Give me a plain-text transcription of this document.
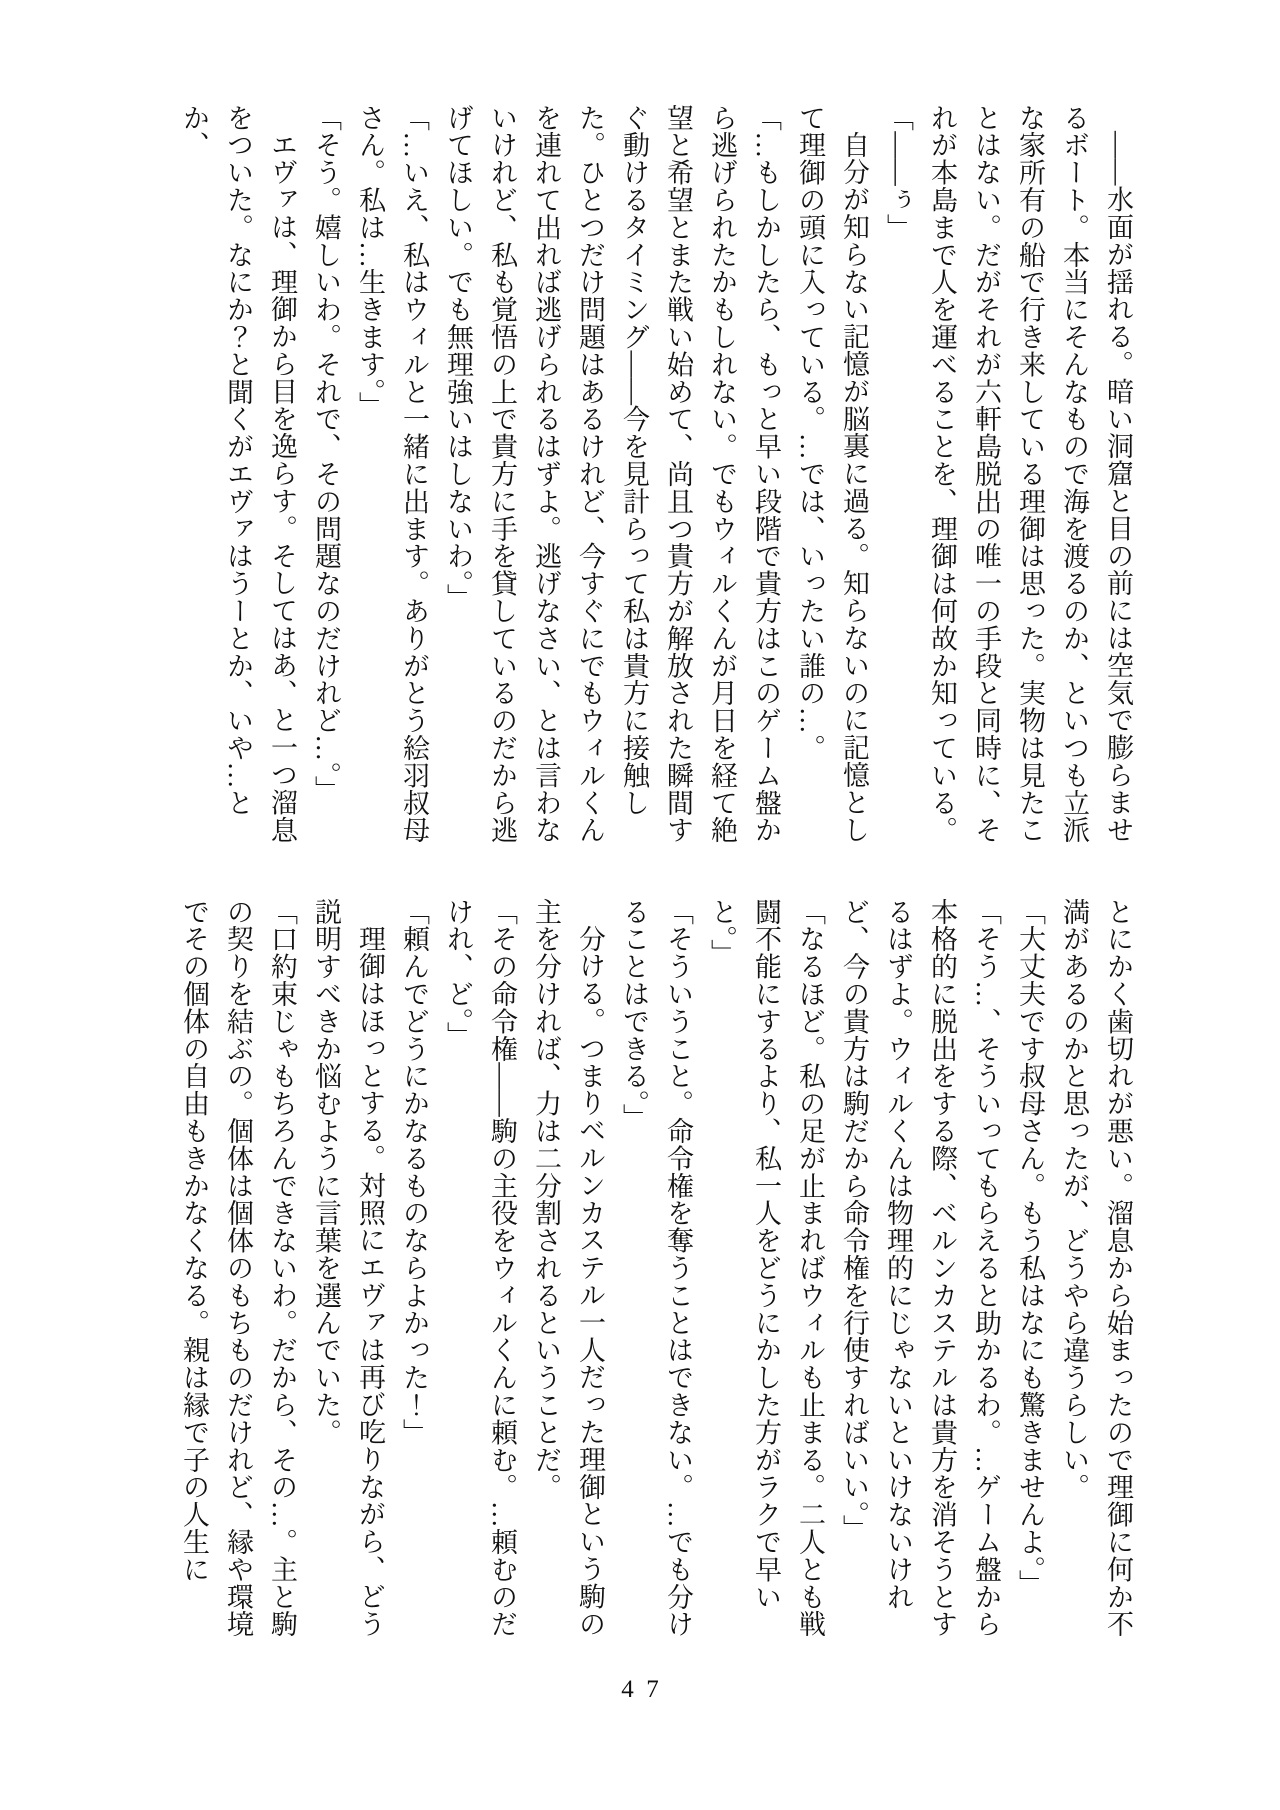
――水面が揺れる。暗い洞窟と目の前には空気で膨らませるボート。本当にそんなもので海を渡るのか、といつも立派な家所有の船で行き来している理御は思った。実物は見たことはない。だがそれが六軒島脱出の唯一の手段と同時に、それが本島まで人を運べることを、理御は何故か知っている。

「――ぅ」

自分が知らない記憶が脳裏に過る。知らないのに記憶として理御の頭に入っている。…では、いったい誰の…。

「…もしかしたら、もっと早い段階で貴方はこのゲーム盤から逃げられたかもしれない。でもウィルくんが月日を経て絶望と希望とまた戦い始めて、尚且つ貴方が解放された瞬間すぐ動けるタイミング――今を見計らって私は貴方に接触した。ひとつだけ問題はあるけれど、今すぐにでもウィルくんを連れて出れば逃げられるはずよ。逃げなさい、とは言わないけれど、私も覚悟の上で貴方に手を貸しているのだから逃げてほしい。でも無理強いはしないわ。」

「…いえ、私はウィルと一緒に出ます。ありがとう絵羽叔母さん。私は…生きます。」

「そう。嬉しいわ。それで、その問題なのだけれど…。」

エヴァは、理御から目を逸らす。そしてはあ、と一つ溜息をついた。なにか？と聞くがエヴァはうーとか、いや…とか、

とにかく歯切れが悪い。溜息から始まったので理御に何か不満があるのかと思ったが、どうやら違うらしい。

「大丈夫です叔母さん。もう私はなにも驚きませんよ。」

「そう…、そういってもらえると助かるわ。…ゲーム盤から本格的に脱出をする際、ベルンカステルは貴方を消そうとするはずよ。ウィルくんは物理的にじゃないといけないけれど、今の貴方は駒だから命令権を行使すればいい。」

「なるほど。私の足が止まればウィルも止まる。二人とも戦闘不能にするより、私一人をどうにかした方がラクで早いと。」

「そういうこと。命令権を奪うことはできない。…でも分けることはできる。」

分ける。つまりベルンカステル一人だった理御という駒の主を分ければ、力は二分割されるということだ。

「その命令権――駒の主役をウィルくんに頼む。…頼むのだけれ、ど。」

「頼んでどうにかなるものならよかった！」

理御はほっとする。対照にエヴァは再び吃りながら、どう説明すべきか悩むように言葉を選んでいた。

「口約束じゃもちろんできないわ。だから、その…。主と駒の契りを結ぶの。個体は個体のもちものだけれど、縁や環境でその個体の自由もきかなくなる。親は縁で子の人生に

47
